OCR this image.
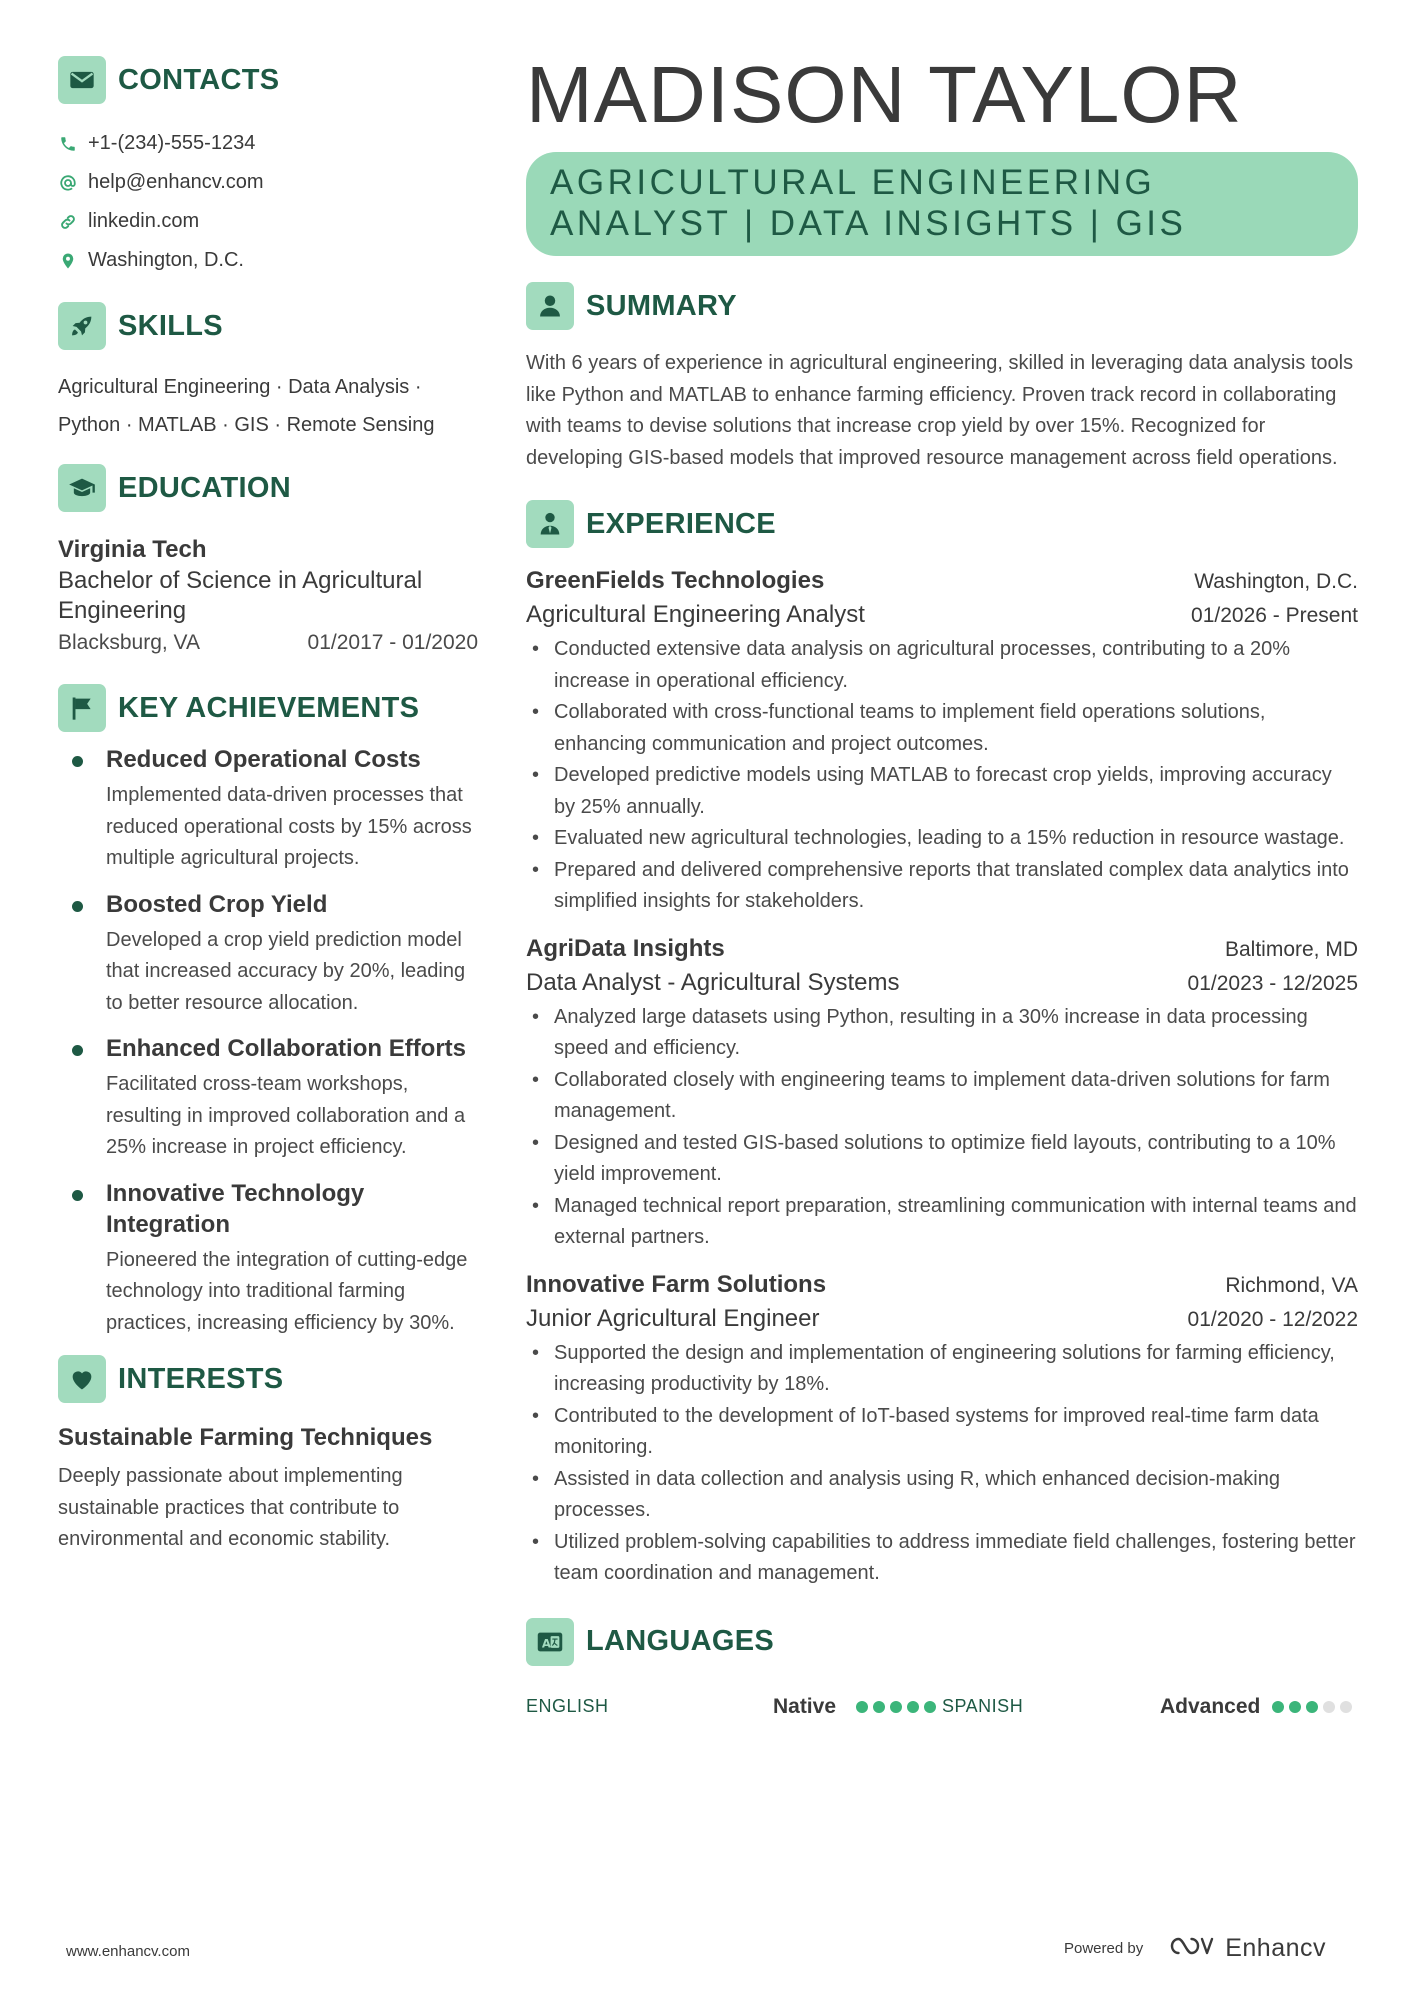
CONTACTS
+1-(234)-555-1234
help@enhancv.com
linkedin.com
Washington, D.C.
SKILLS
Agricultural Engineering · Data Analysis ·
Python · MATLAB · GIS · Remote Sensing
EDUCATION
Virginia Tech
Bachelor of Science in Agricultural Engineering
Blacksburg, VA	01/2017 - 01/2020
KEY ACHIEVEMENTS
Reduced Operational Costs
Implemented data-driven processes that reduced operational costs by 15% across multiple agricultural projects.
Boosted Crop Yield
Developed a crop yield prediction model that increased accuracy by 20%, leading to better resource allocation.
Enhanced Collaboration Efforts
Facilitated cross-team workshops, resulting in improved collaboration and a 25% increase in project efficiency.
Innovative Technology Integration
Pioneered the integration of cutting-edge technology into traditional farming practices, increasing efficiency by 30%.
INTERESTS
Sustainable Farming Techniques
Deeply passionate about implementing sustainable practices that contribute to environmental and economic stability.
MADISON TAYLOR
AGRICULTURAL ENGINEERING ANALYST | DATA INSIGHTS | GIS
SUMMARY
With 6 years of experience in agricultural engineering, skilled in leveraging data analysis tools like Python and MATLAB to enhance farming efficiency. Proven track record in collaborating with teams to devise solutions that increase crop yield by over 15%. Recognized for developing GIS-based models that improved resource management across field operations.
EXPERIENCE
GreenFields Technologies	Washington, D.C.
Agricultural Engineering Analyst	01/2026 - Present
• Conducted extensive data analysis on agricultural processes, contributing to a 20% increase in operational efficiency.
• Collaborated with cross-functional teams to implement field operations solutions, enhancing communication and project outcomes.
• Developed predictive models using MATLAB to forecast crop yields, improving accuracy by 25% annually.
• Evaluated new agricultural technologies, leading to a 15% reduction in resource wastage.
• Prepared and delivered comprehensive reports that translated complex data analytics into simplified insights for stakeholders.
AgriData Insights	Baltimore, MD
Data Analyst - Agricultural Systems	01/2023 - 12/2025
• Analyzed large datasets using Python, resulting in a 30% increase in data processing speed and efficiency.
• Collaborated closely with engineering teams to implement data-driven solutions for farm management.
• Designed and tested GIS-based solutions to optimize field layouts, contributing to a 10% yield improvement.
• Managed technical report preparation, streamlining communication with internal teams and external partners.
Innovative Farm Solutions	Richmond, VA
Junior Agricultural Engineer	01/2020 - 12/2022
• Supported the design and implementation of engineering solutions for farming efficiency, increasing productivity by 18%.
• Contributed to the development of IoT-based systems for improved real-time farm data monitoring.
• Assisted in data collection and analysis using R, which enhanced decision-making processes.
• Utilized problem-solving capabilities to address immediate field challenges, fostering better team coordination and management.
A LANGUAGES
ENGLISH	Native	SPANISH	Advanced
www.enhancv.com	Powered by	Enhancv
